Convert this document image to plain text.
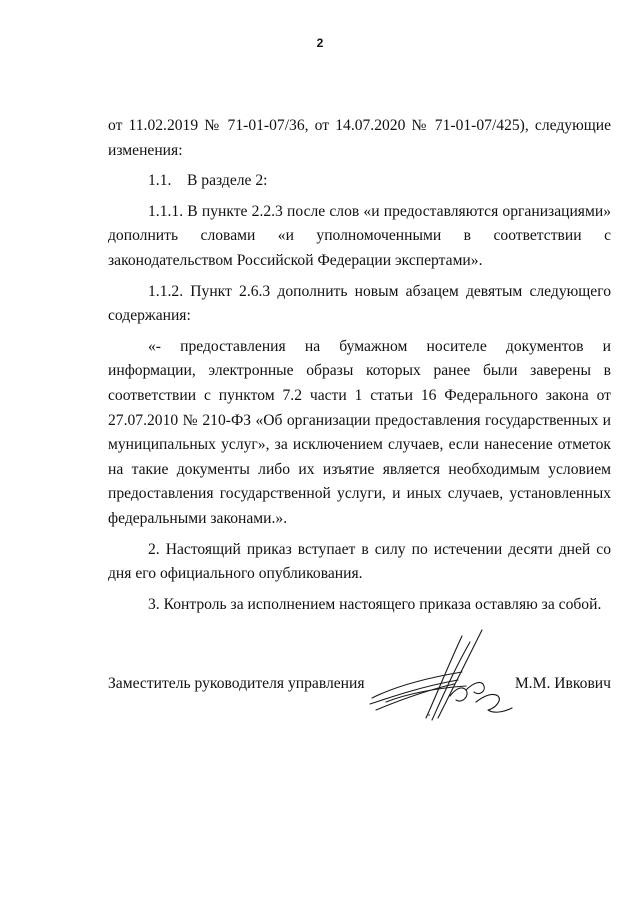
2

от 11.02.2019 № 71-01-07/36, от 14.07.2020 № 71-01-07/425), следующие изменения:

1.1.    В разделе 2:

1.1.1. В пункте 2.2.3 после слов «и предоставляются организациями» дополнить словами «и уполномоченными в соответствии с законодательством Российской Федерации экспертами».

1.1.2. Пункт 2.6.3 дополнить новым абзацем девятым следующего содержания:

«- предоставления на бумажном носителе документов и информации, электронные образы которых ранее были заверены в соответствии с пунктом 7.2 части 1 статьи 16 Федерального закона от 27.07.2010 № 210-ФЗ «Об организации предоставления государственных и муниципальных услуг», за исключением случаев, если нанесение отметок на такие документы либо их изъятие является необходимым условием предоставления государственной услуги, и иных случаев, установленных федеральными законами.».

2. Настоящий приказ вступает в силу по истечении десяти дней со дня его официального опубликования.

3. Контроль за исполнением настоящего приказа оставляю за собой.

Заместитель руководителя управления	М.М. Ивкович
